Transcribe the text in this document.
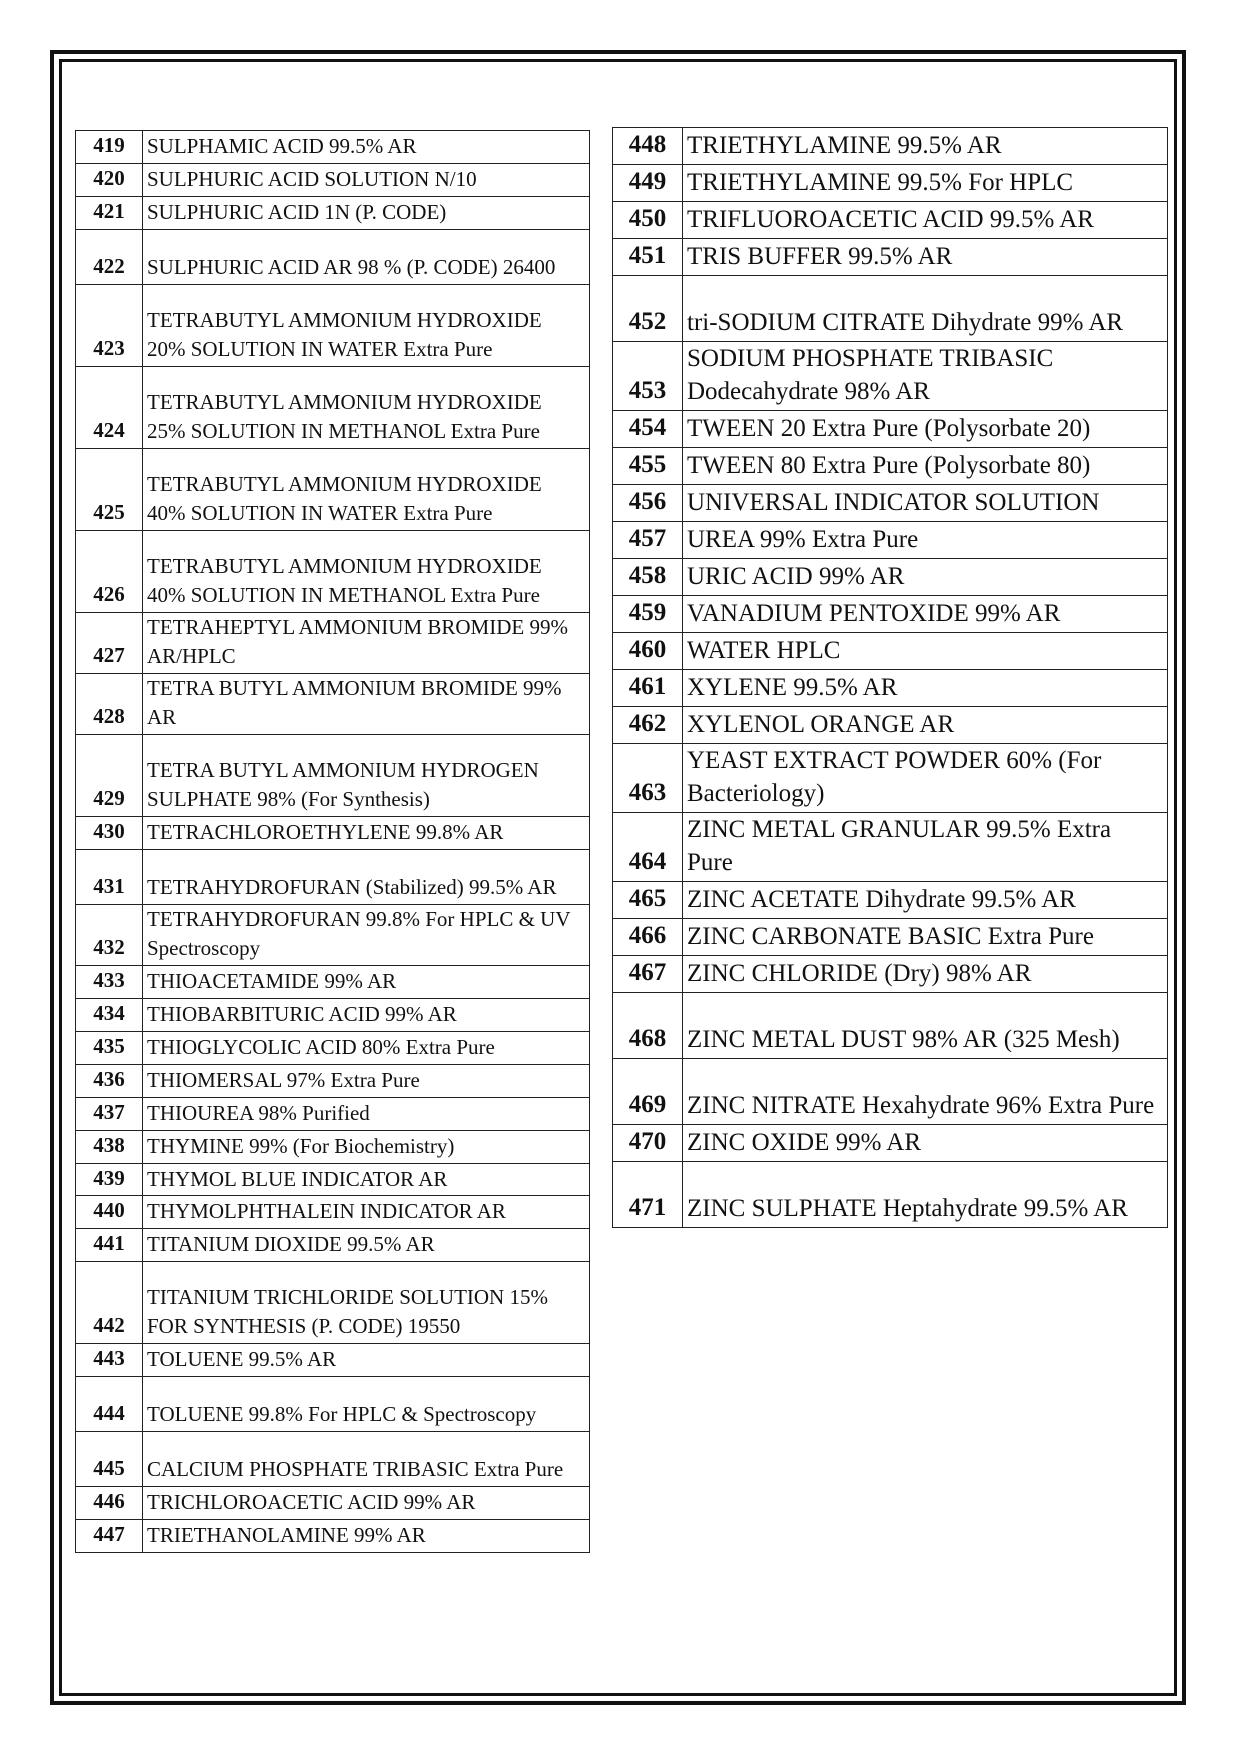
419	SULPHAMIC ACID 99.5% AR
420	SULPHURIC ACID SOLUTION N/10
421	SULPHURIC ACID 1N (P. CODE)
422	SULPHURIC ACID AR 98 % (P. CODE) 26400
423	TETRABUTYL AMMONIUM HYDROXIDE 20% SOLUTION IN WATER Extra Pure
424	TETRABUTYL AMMONIUM HYDROXIDE 25% SOLUTION IN METHANOL Extra Pure
425	TETRABUTYL AMMONIUM HYDROXIDE 40% SOLUTION IN WATER Extra Pure
426	TETRABUTYL AMMONIUM HYDROXIDE 40% SOLUTION IN METHANOL Extra Pure
427	TETRAHEPTYL AMMONIUM BROMIDE 99% AR/HPLC
428	TETRA BUTYL AMMONIUM BROMIDE 99% AR
429	TETRA BUTYL AMMONIUM HYDROGEN SULPHATE 98% (For Synthesis)
430	TETRACHLOROETHYLENE 99.8% AR
431	TETRAHYDROFURAN (Stabilized) 99.5% AR
432	TETRAHYDROFURAN 99.8% For HPLC & UV Spectroscopy
433	THIOACETAMIDE 99% AR
434	THIOBARBITURIC ACID 99% AR
435	THIOGLYCOLIC ACID 80% Extra Pure
436	THIOMERSAL 97% Extra Pure
437	THIOUREA 98% Purified
438	THYMINE 99% (For Biochemistry)
439	THYMOL BLUE INDICATOR AR
440	THYMOLPHTHALEIN INDICATOR AR
441	TITANIUM DIOXIDE 99.5% AR
442	TITANIUM TRICHLORIDE SOLUTION 15% FOR SYNTHESIS (P. CODE) 19550
443	TOLUENE 99.5% AR
444	TOLUENE 99.8% For HPLC & Spectroscopy
445	CALCIUM PHOSPHATE TRIBASIC Extra Pure
446	TRICHLOROACETIC ACID 99% AR
447	TRIETHANOLAMINE 99% AR
448	TRIETHYLAMINE 99.5% AR
449	TRIETHYLAMINE 99.5% For HPLC
450	TRIFLUOROACETIC ACID 99.5% AR
451	TRIS BUFFER 99.5% AR
452	tri-SODIUM CITRATE Dihydrate 99% AR
453	SODIUM PHOSPHATE TRIBASIC Dodecahydrate 98% AR
454	TWEEN 20 Extra Pure (Polysorbate 20)
455	TWEEN 80 Extra Pure (Polysorbate 80)
456	UNIVERSAL INDICATOR SOLUTION
457	UREA 99% Extra Pure
458	URIC ACID 99% AR
459	VANADIUM PENTOXIDE 99% AR
460	WATER HPLC
461	XYLENE 99.5% AR
462	XYLENOL ORANGE AR
463	YEAST EXTRACT POWDER 60% (For Bacteriology)
464	ZINC METAL GRANULAR 99.5% Extra Pure
465	ZINC ACETATE Dihydrate 99.5% AR
466	ZINC CARBONATE BASIC Extra Pure
467	ZINC CHLORIDE (Dry) 98% AR
468	ZINC METAL DUST 98% AR (325 Mesh)
469	ZINC NITRATE Hexahydrate 96% Extra Pure
470	ZINC OXIDE 99% AR
471	ZINC SULPHATE Heptahydrate 99.5% AR
